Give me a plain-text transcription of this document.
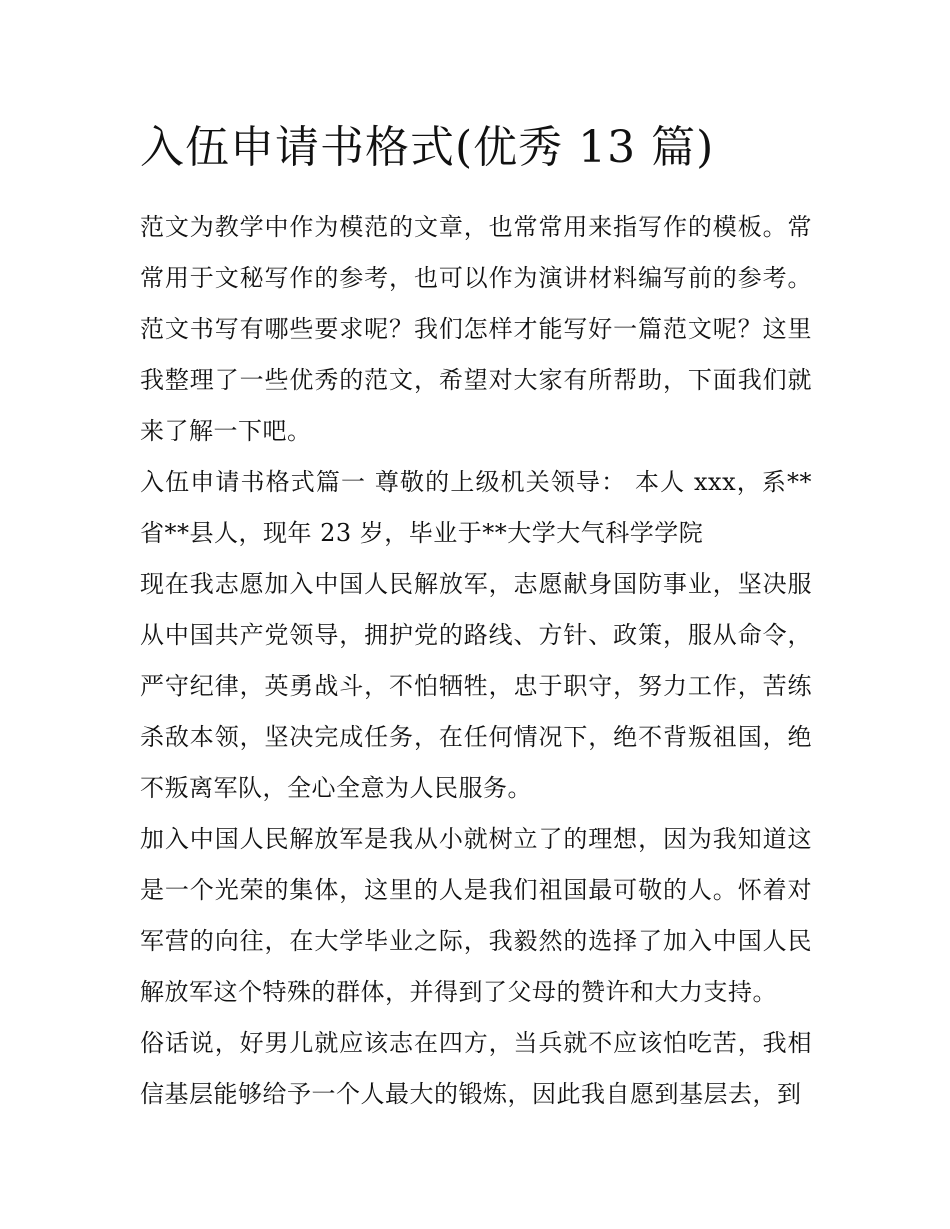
入伍申请书格式(优秀 13 篇)

范文为教学中作为模范的文章，也常常用来指写作的模板。常常用于文秘写作的参考，也可以作为演讲材料编写前的参考。范文书写有哪些要求呢？我们怎样才能写好一篇范文呢？这里我整理了一些优秀的范文，希望对大家有所帮助，下面我们就来了解一下吧。

入伍申请书格式篇一 尊敬的上级机关领导： 本人 xxx，系**省**县人，现年 23 岁，毕业于**大学大气科学学院

现在我志愿加入中国人民解放军，志愿献身国防事业，坚决服从中国共产党领导，拥护党的路线、方针、政策，服从命令，严守纪律，英勇战斗，不怕牺牲，忠于职守，努力工作，苦练杀敌本领，坚决完成任务，在任何情况下，绝不背叛祖国，绝不叛离军队，全心全意为人民服务。

加入中国人民解放军是我从小就树立了的理想，因为我知道这是一个光荣的集体，这里的人是我们祖国最可敬的人。怀着对军营的向往，在大学毕业之际，我毅然的选择了加入中国人民解放军这个特殊的群体，并得到了父母的赞许和大力支持。

俗话说，好男儿就应该志在四方，当兵就不应该怕吃苦，我相信基层能够给予一个人最大的锻炼，因此我自愿到基层去，到
